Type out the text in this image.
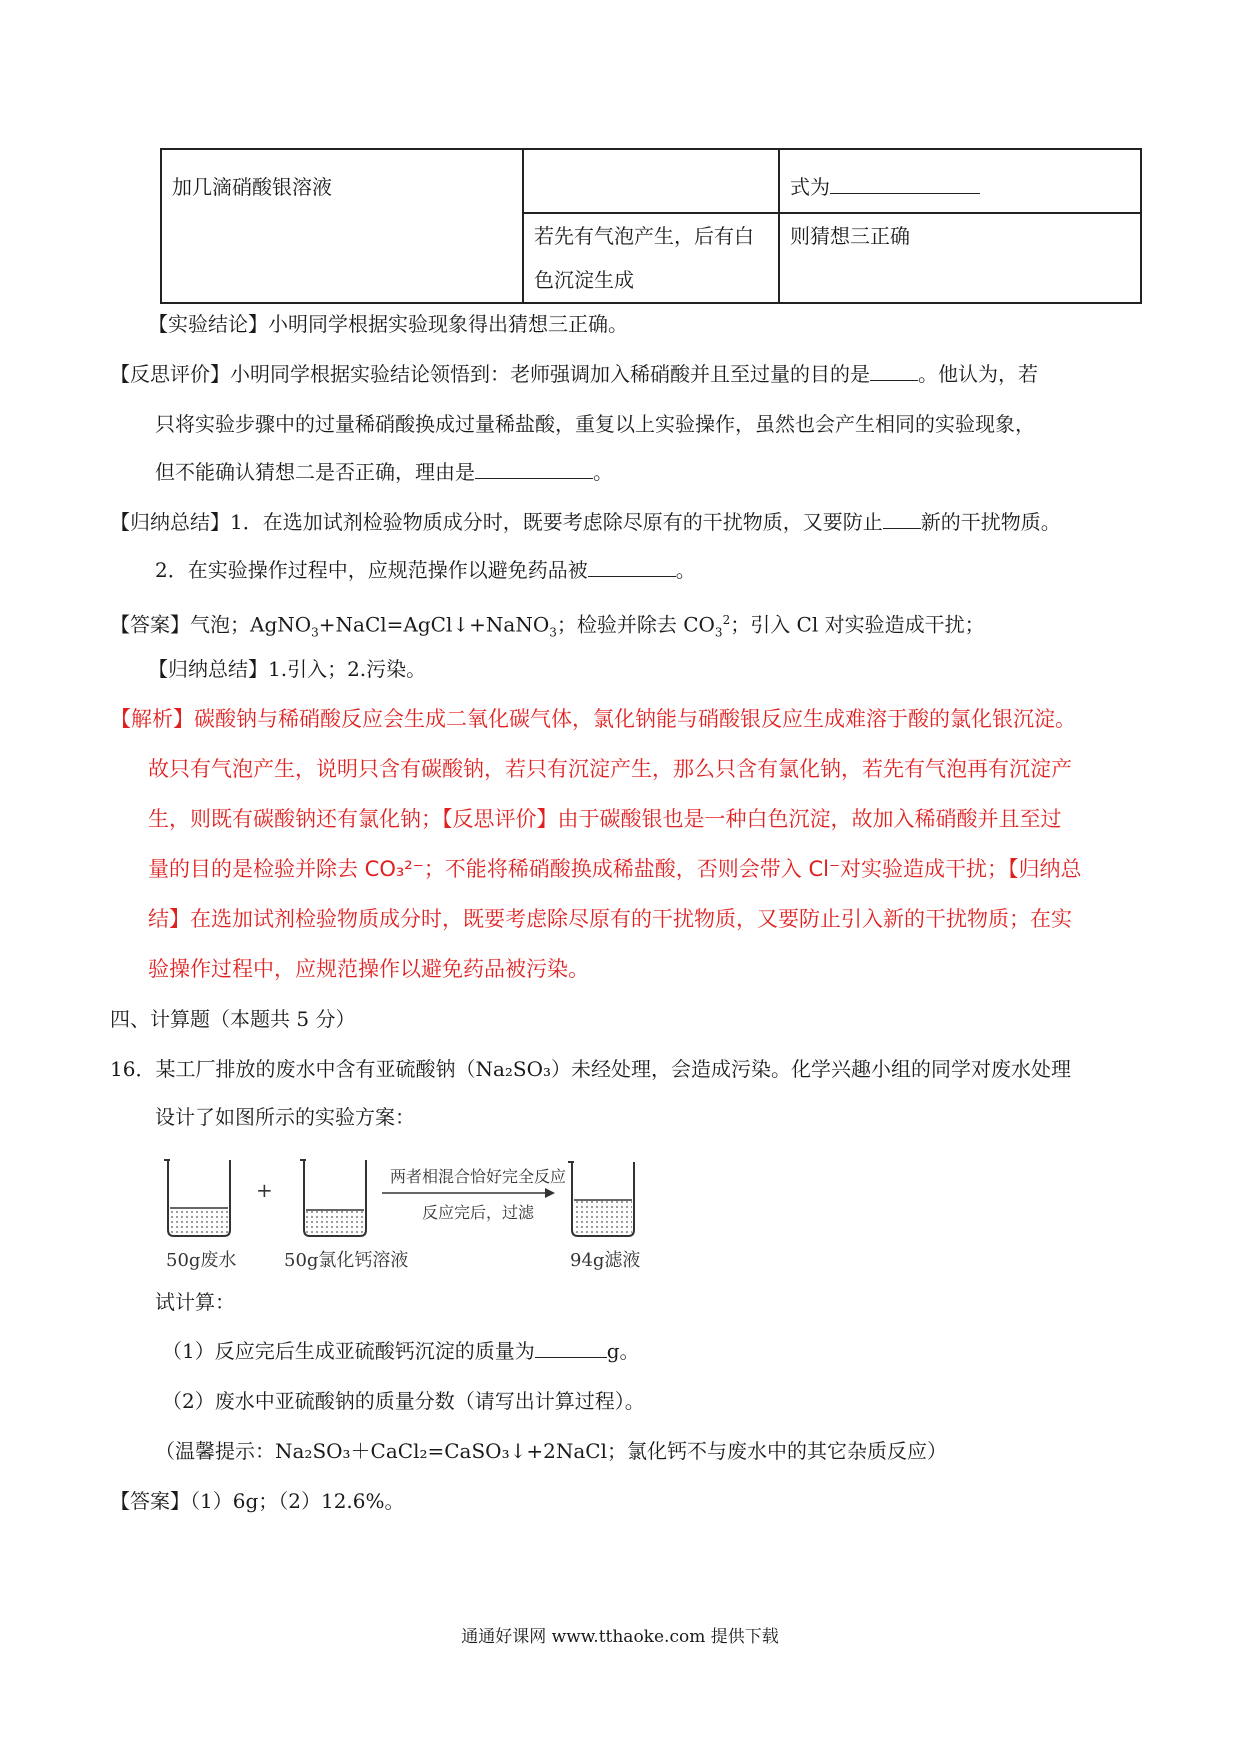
加几滴硝酸银溶液		式为
	若先有气泡产生，后有白色沉淀生成	则猜想三正确
【实验结论】小明同学根据实验现象得出猜想三正确。
【反思评价】小明同学根据实验结论领悟到：老师强调加入稀硝酸并且至过量的目的是 。他认为，若
只将实验步骤中的过量稀硝酸换成过量稀盐酸，重复以上实验操作，虽然也会产生相同的实验现象，
但不能确认猜想二是否正确，理由是	。
【归纳总结】1．在选加试剂检验物质成分时，既要考虑除尽原有的干扰物质，又要防止 新的干扰物质。
2．在实验操作过程中，应规范操作以避免药品被	。
【答案】气泡；AgNO$_3$+NaCl=AgCl↓+NaNO$_3$；检验并除去 $CO_3^2$；引入 Cl 对实验造成干扰；
【归纳总结】1.引入；2.污染。
【解析】碳酸钠与稀硝酸反应会生成二氧化碳气体，氯化钠能与硝酸银反应生成难溶于酸的氯化银沉淀。
故只有气泡产生，说明只含有碳酸钠，若只有沉淀产生，那么只含有氯化钠，若先有气泡再有沉淀产
生，则既有碳酸钠还有氯化钠；【反思评价】由于碳酸银也是一种白色沉淀，故加入稀硝酸并且至过
量的目的是检验并除去 CO₃²⁻；不能将稀硝酸换成稀盐酸，否则会带入 Cl⁻对实验造成干扰；【归纳总
结】在选加试剂检验物质成分时，既要考虑除尽原有的干扰物质，又要防止引入新的干扰物质；在实
验操作过程中，应规范操作以避免药品被污染。
四、计算题（本题共 5 分）
16．某工厂排放的废水中含有亚硫酸钠（Na₂SO₃）未经处理，会造成污染。化学兴趣小组的同学对废水处理
设计了如图所示的实验方案：
+
两者相混合恰好完全反应
反应完后，过滤
50g废水	50g氯化钙溶液	94g滤液
试计算：
（1）反应完后生成亚硫酸钙沉淀的质量为	g。
（2）废水中亚硫酸钠的质量分数（请写出计算过程）。
（温馨提示：Na₂SO₃＋CaCl₂=CaSO₃↓+2NaCl；氯化钙不与废水中的其它杂质反应）
【答案】（1）6g；（2）12.6%。
通通好课网 www.tthaoke.com 提供下载
